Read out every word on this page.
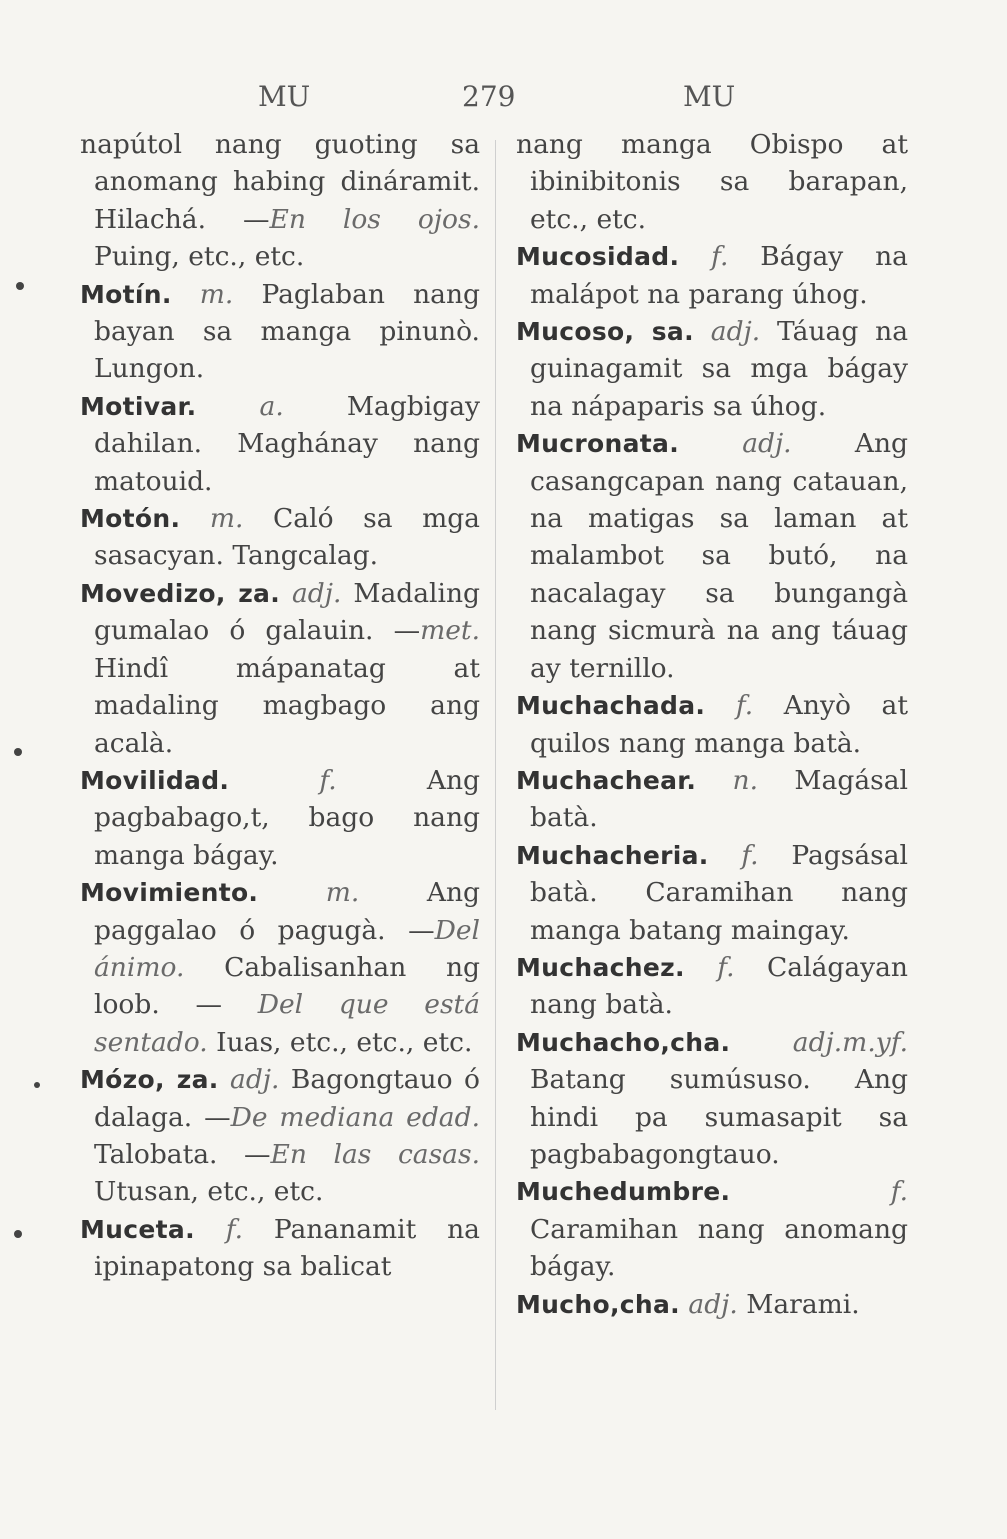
MU	279	MU

napútol nang guoting sa anomang habing dináramit. Hilachá. —En los ojos. Puing, etc., etc.

Motín. m. Paglaban nang bayan sa manga pinunò. Lungon.

Motivar. a. Magbigay dahilan. Maghánay nang matouid.

Motón. m. Caló sa mga sasacyan. Tangcalag.

Movedizo, za. adj. Madaling gumalao ó galauin. —met. Hindî mápanatag at madaling magbago ang acalà.

Movilidad.	f.	Ang pagbabago,t, bago nang manga bágay.

Movimiento.	m.	Ang paggalao ó pagugà. —Del ánimo. Cabalisanhan ng loob. — Del que está sentado. Iuas, etc., etc., etc.

Mózo, za. adj. Bagongtauo ó dalaga. —De mediana edad. Talobata. —En las casas. Utusan, etc., etc.

Muceta. f. Pananamit na ipinapatong sa balicat

nang manga Obispo at ibinibitonis sa barapan, etc., etc.

Mucosidad. f. Bágay na malápot na parang úhog.

Mucoso, sa. adj. Táuag na guinagamit sa mga bágay na nápaparis sa úhog.

Mucronata. adj. Ang casangcapan nang catauan, na matigas sa laman at malambot sa butó, na nacalagay sa bungangà nang sicmurà na ang táuag ay ternillo.

Muchachada. f. Anyò at quilos nang manga batà.

Muchachear. n. Magásal batà.

Muchacheria. f. Pagsásal batà. Caramihan nang manga batang maingay.

Muchachez. f. Calágayan nang batà.

Muchacho,cha. adj.m.yf. Batang sumúsuso. Ang hindi pa sumasapit sa pagbabagongtauo.

Muchedumbre.	f. Caramihan nang anomang bágay.

Mucho,cha. adj. Marami.
